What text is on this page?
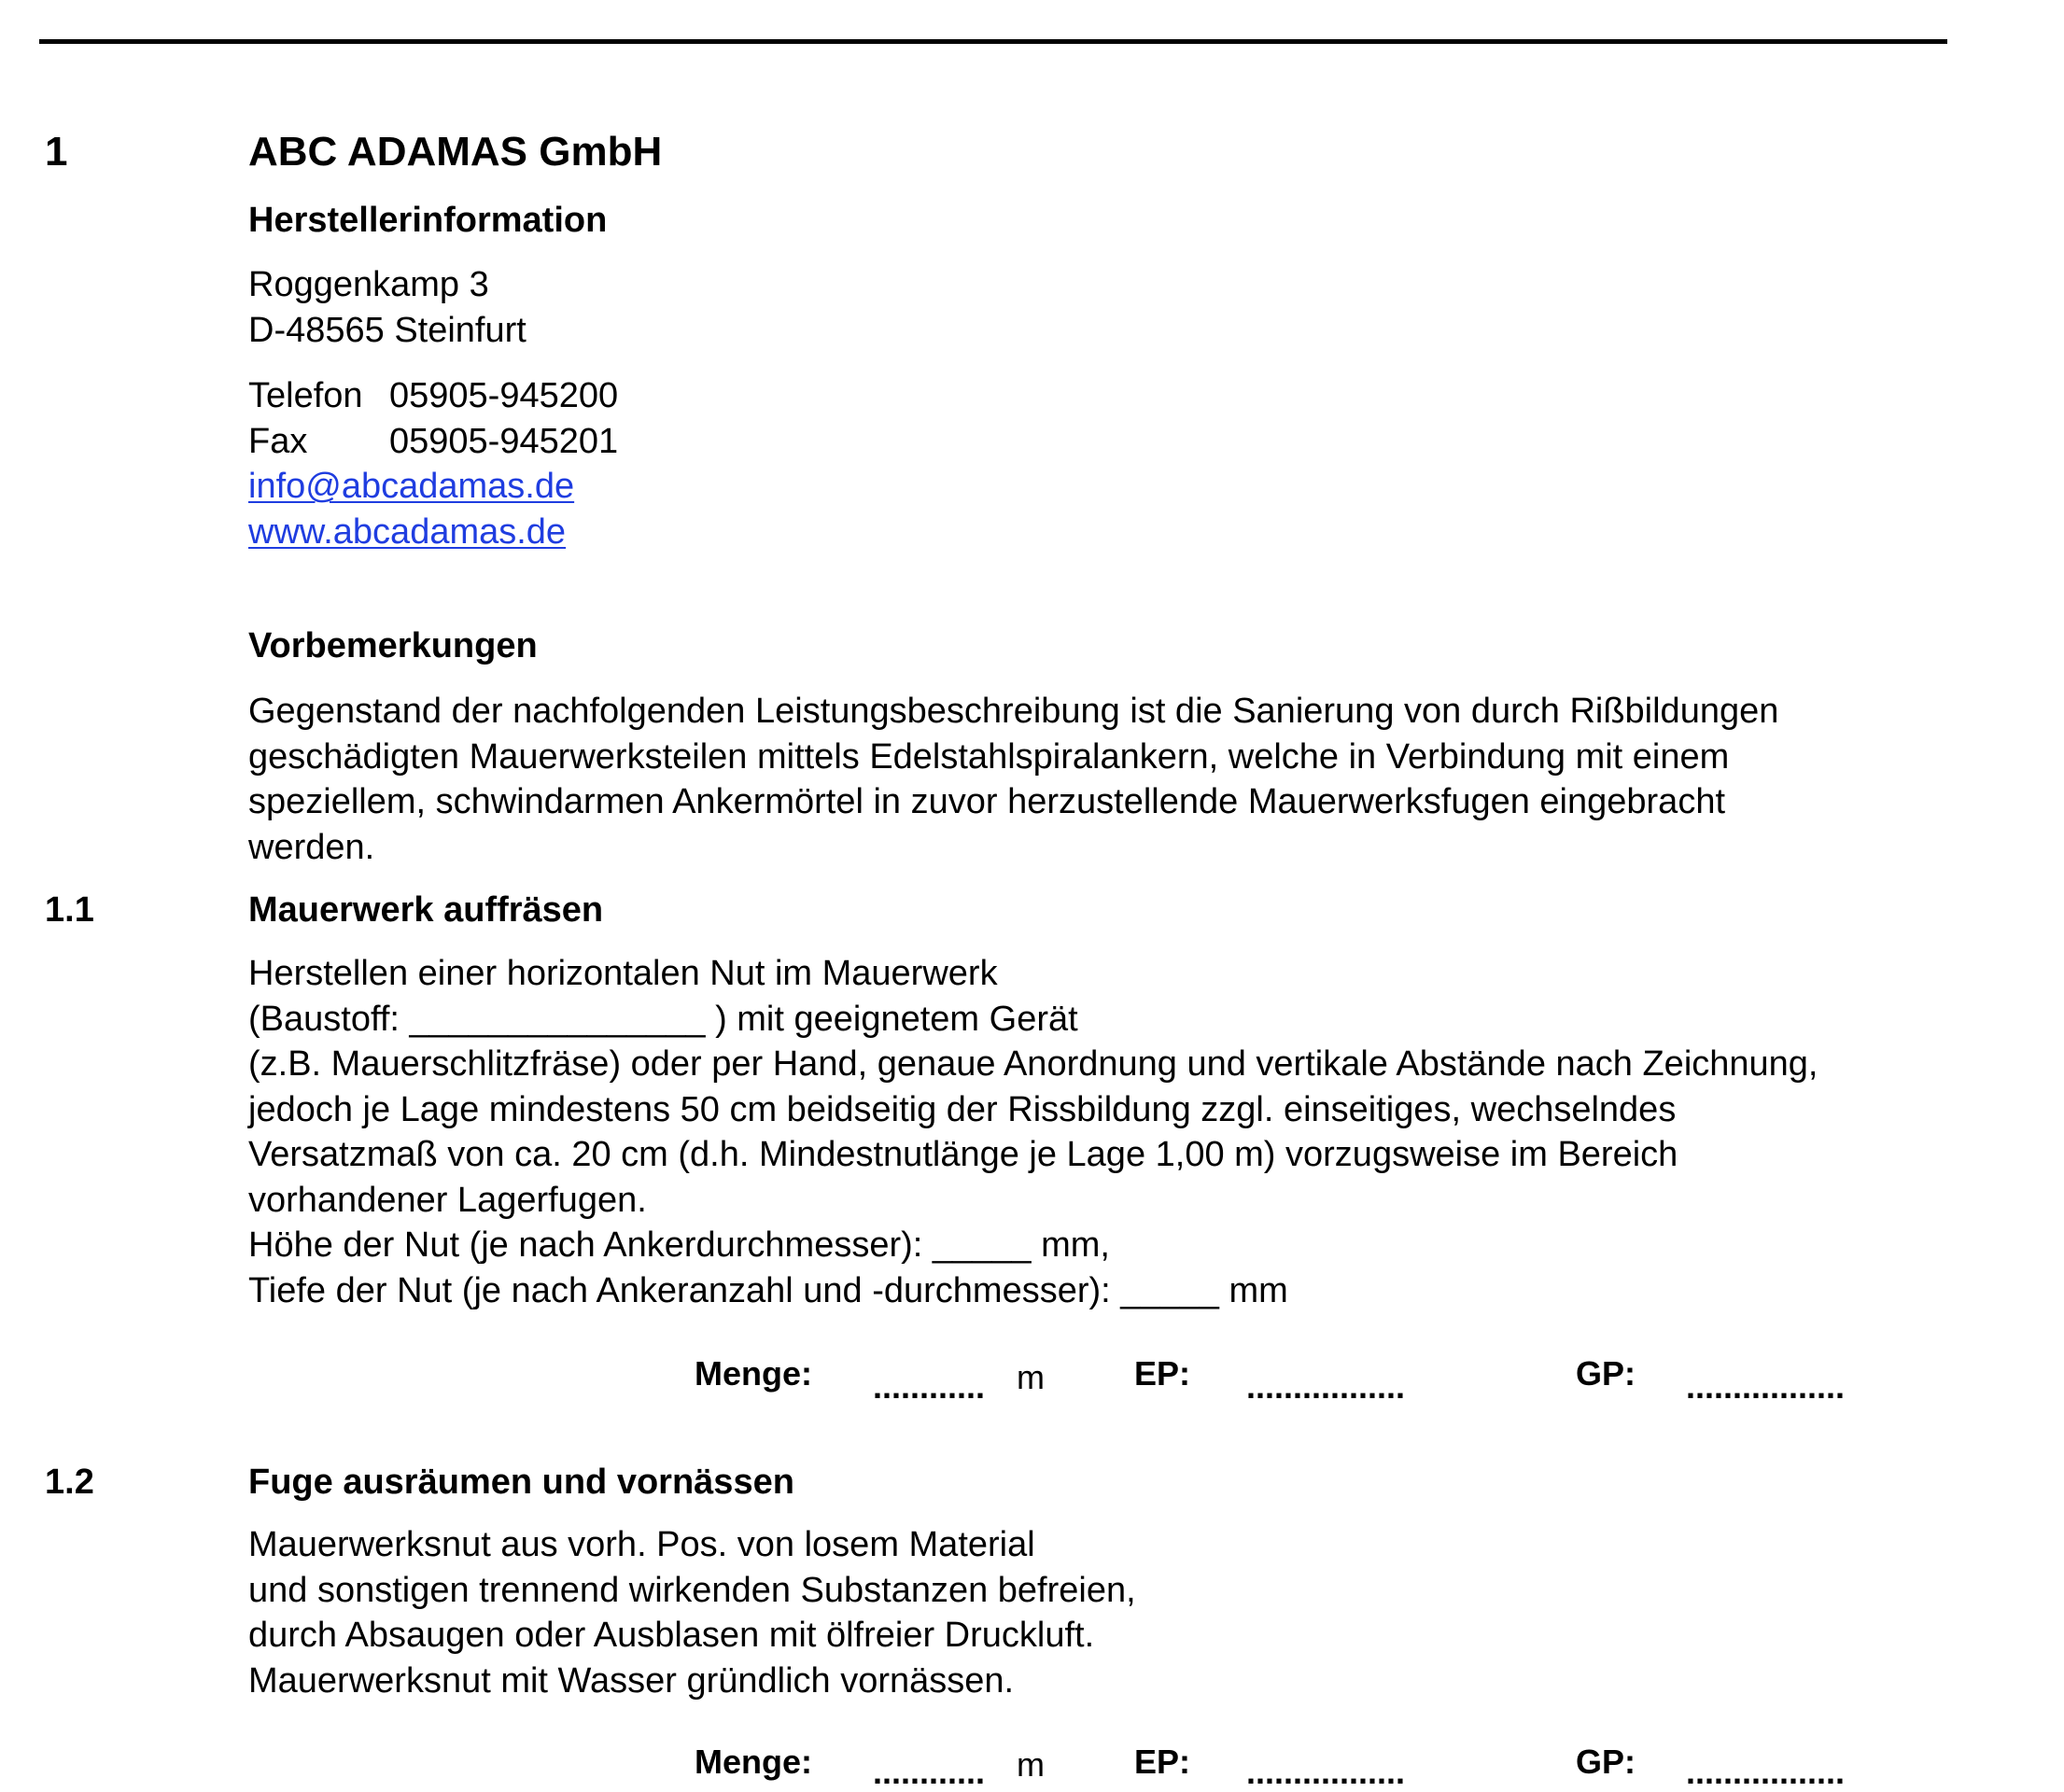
1	ABC ADAMAS GmbH
Herstellerinformation
Roggenkamp 3
D-48565 Steinfurt
Telefon 05905-945200
Fax 05905-945201
info@abcadamas.de
www.abcadamas.de
Vorbemerkungen
Gegenstand der nachfolgenden Leistungsbeschreibung ist die Sanierung von durch Rißbildungen
geschädigten Mauerwerksteilen mittels Edelstahlspiralankern, welche in Verbindung mit einem
speziellem, schwindarmen Ankermörtel in zuvor herzustellende Mauerwerksfugen eingebracht
werden.
1.1	Mauerwerk auffräsen
Herstellen einer horizontalen Nut im Mauerwerk
(Baustoff: _______________ ) mit geeignetem Gerät
(z.B. Mauerschlitzfräse) oder per Hand, genaue Anordnung und vertikale Abstände nach Zeichnung,
jedoch je Lage mindestens 50 cm beidseitig der Rissbildung zzgl. einseitiges, wechselndes
Versatzmaß von ca. 20 cm (d.h. Mindestnutlänge je Lage 1,00 m) vorzugsweise im Bereich
vorhandener Lagerfugen.
Höhe der Nut (je nach Ankerdurchmesser): _____ mm,
Tiefe der Nut (je nach Ankeranzahl und -durchmesser): _____ mm
Menge: ............ m	EP: .................	GP: .................
1.2	Fuge ausräumen und vornässen
Mauerwerksnut aus vorh. Pos. von losem Material
und sonstigen trennend wirkenden Substanzen befreien,
durch Absaugen oder Ausblasen mit ölfreier Druckluft.
Mauerwerksnut mit Wasser gründlich vornässen.
Menge: ............ m	EP: .................	GP: .................
